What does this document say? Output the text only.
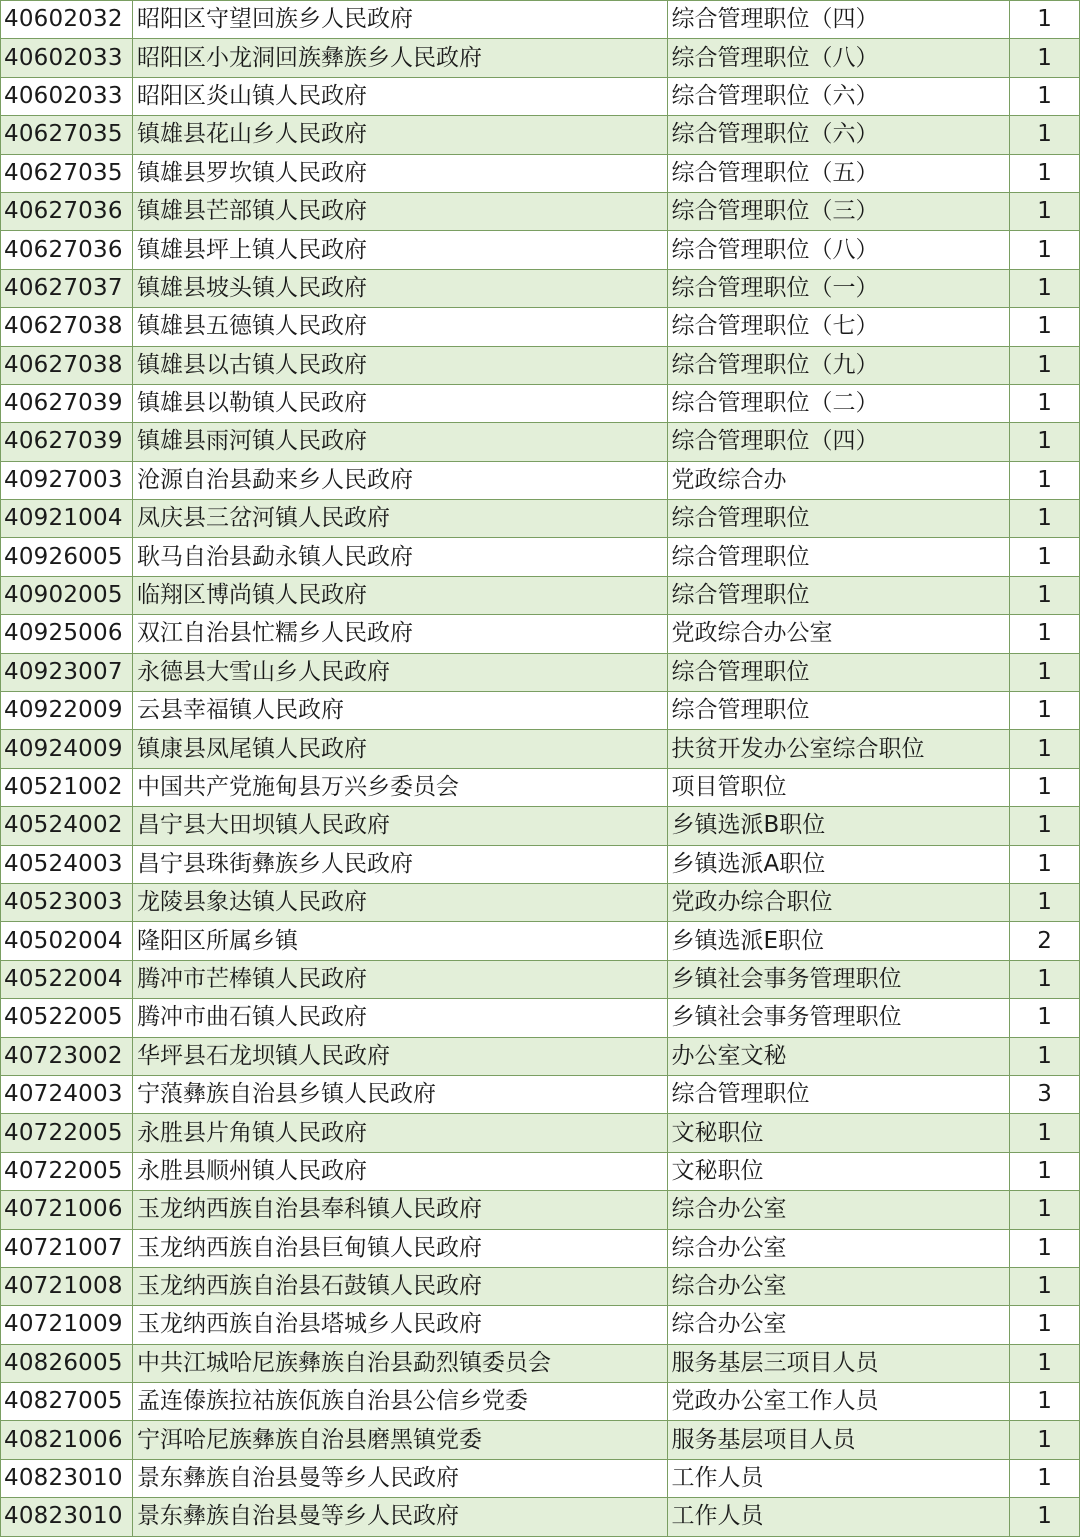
40602032	昭阳区守望回族乡人民政府	综合管理职位（四）	1
40602033	昭阳区小龙洞回族彝族乡人民政府	综合管理职位（八）	1
40602033	昭阳区炎山镇人民政府	综合管理职位（六）	1
40627035	镇雄县花山乡人民政府	综合管理职位（六）	1
40627035	镇雄县罗坎镇人民政府	综合管理职位（五）	1
40627036	镇雄县芒部镇人民政府	综合管理职位（三）	1
40627036	镇雄县坪上镇人民政府	综合管理职位（八）	1
40627037	镇雄县坡头镇人民政府	综合管理职位（一）	1
40627038	镇雄县五德镇人民政府	综合管理职位（七）	1
40627038	镇雄县以古镇人民政府	综合管理职位（九）	1
40627039	镇雄县以勒镇人民政府	综合管理职位（二）	1
40627039	镇雄县雨河镇人民政府	综合管理职位（四）	1
40927003	沧源自治县勐来乡人民政府	党政综合办	1
40921004	凤庆县三岔河镇人民政府	综合管理职位	1
40926005	耿马自治县勐永镇人民政府	综合管理职位	1
40902005	临翔区博尚镇人民政府	综合管理职位	1
40925006	双江自治县忙糯乡人民政府	党政综合办公室	1
40923007	永德县大雪山乡人民政府	综合管理职位	1
40922009	云县幸福镇人民政府	综合管理职位	1
40924009	镇康县凤尾镇人民政府	扶贫开发办公室综合职位	1
40521002	中国共产党施甸县万兴乡委员会	项目管职位	1
40524002	昌宁县大田坝镇人民政府	乡镇选派B职位	1
40524003	昌宁县珠街彝族乡人民政府	乡镇选派A职位	1
40523003	龙陵县象达镇人民政府	党政办综合职位	1
40502004	隆阳区所属乡镇	乡镇选派E职位	2
40522004	腾冲市芒棒镇人民政府	乡镇社会事务管理职位	1
40522005	腾冲市曲石镇人民政府	乡镇社会事务管理职位	1
40723002	华坪县石龙坝镇人民政府	办公室文秘	1
40724003	宁蒗彝族自治县乡镇人民政府	综合管理职位	3
40722005	永胜县片角镇人民政府	文秘职位	1
40722005	永胜县顺州镇人民政府	文秘职位	1
40721006	玉龙纳西族自治县奉科镇人民政府	综合办公室	1
40721007	玉龙纳西族自治县巨甸镇人民政府	综合办公室	1
40721008	玉龙纳西族自治县石鼓镇人民政府	综合办公室	1
40721009	玉龙纳西族自治县塔城乡人民政府	综合办公室	1
40826005	中共江城哈尼族彝族自治县勐烈镇委员会	服务基层三项目人员	1
40827005	孟连傣族拉祜族佤族自治县公信乡党委	党政办公室工作人员	1
40821006	宁洱哈尼族彝族自治县磨黑镇党委	服务基层项目人员	1
40823010	景东彝族自治县曼等乡人民政府	工作人员	1
40823010	景东彝族自治县曼等乡人民政府	工作人员	1
